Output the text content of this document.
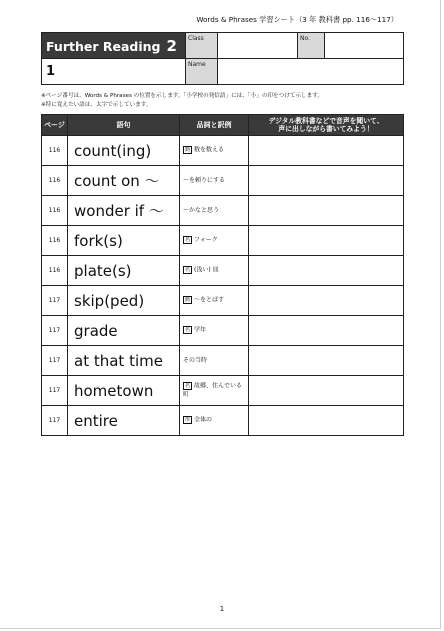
Words & Phrases 学習シート（3 年 教科書 pp. 116～117）
Further Reading 2	Class		No.	
1	Name			
※ページ番号は、Words & Phrases の位置を示します。「小学校の発信語」には、「小」の印をつけて示します。
※特に覚えたい語は、太字で示しています。
ページ	語句	品詞と訳例	デジタル教科書などで音声を聞いて、
声に出しながら書いてみよう！

116	count(ing)	動 数を数える	
116	count on 〜	〜を頼りにする	
116	wonder if 〜	〜かなと思う	
116	fork(s)	名 フォーク	
116	plate(s)	名 (浅い) 皿	
117	skip(ped)	動 〜をとばす	
117	grade	名 学年	
117	at that time	その当時	
117	hometown	名 故郷、住んでいる町	
117	entire	形 全体の	
1
